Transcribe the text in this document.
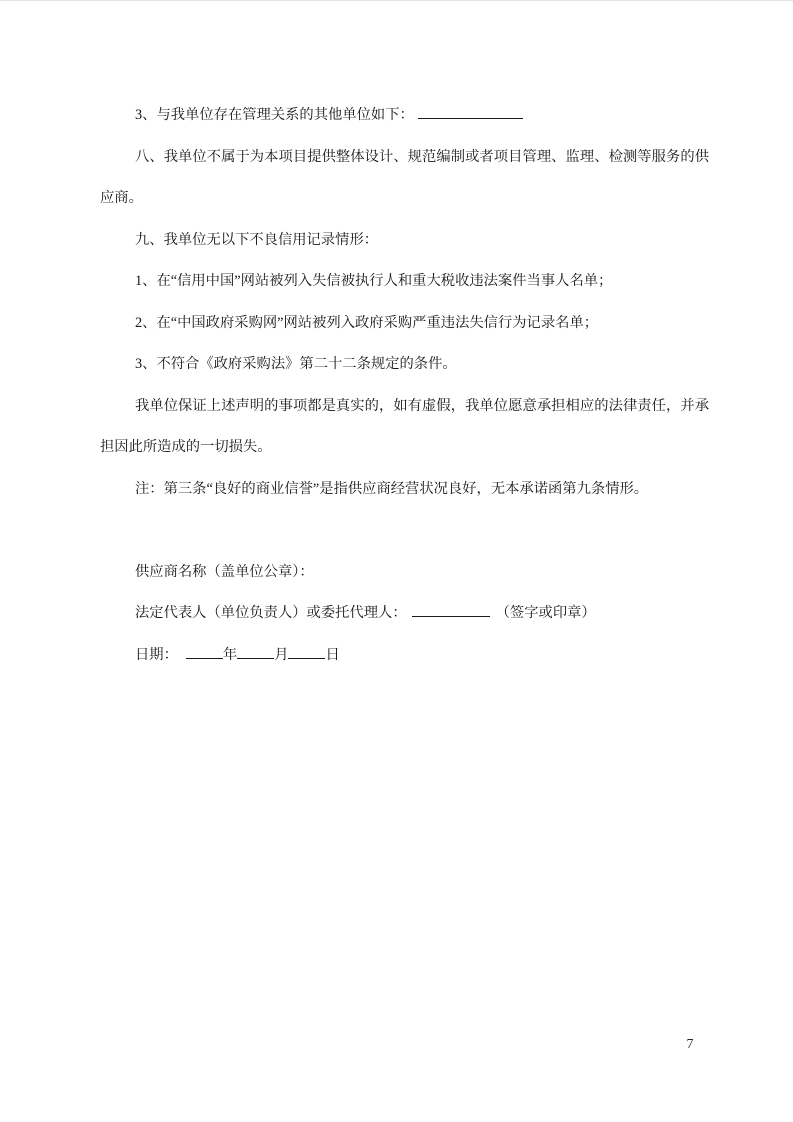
3、与我单位存在管理关系的其他单位如下：

八、我单位不属于为本项目提供整体设计、规范编制或者项目管理、监理、检测等服务的供应商。

九、我单位无以下不良信用记录情形：

1、在“信用中国”网站被列入失信被执行人和重大税收违法案件当事人名单；

2、在“中国政府采购网”网站被列入政府采购严重违法失信行为记录名单；

3、不符合《政府采购法》第二十二条规定的条件。

我单位保证上述声明的事项都是真实的，如有虚假，我单位愿意承担相应的法律责任，并承担因此所造成的一切损失。

注：第三条“良好的商业信誉”是指供应商经营状况良好，无本承诺函第九条情形。

供应商名称（盖单位公章）：

法定代表人（单位负责人）或委托代理人：	（签字或印章）

日期：	年	月	日

7
